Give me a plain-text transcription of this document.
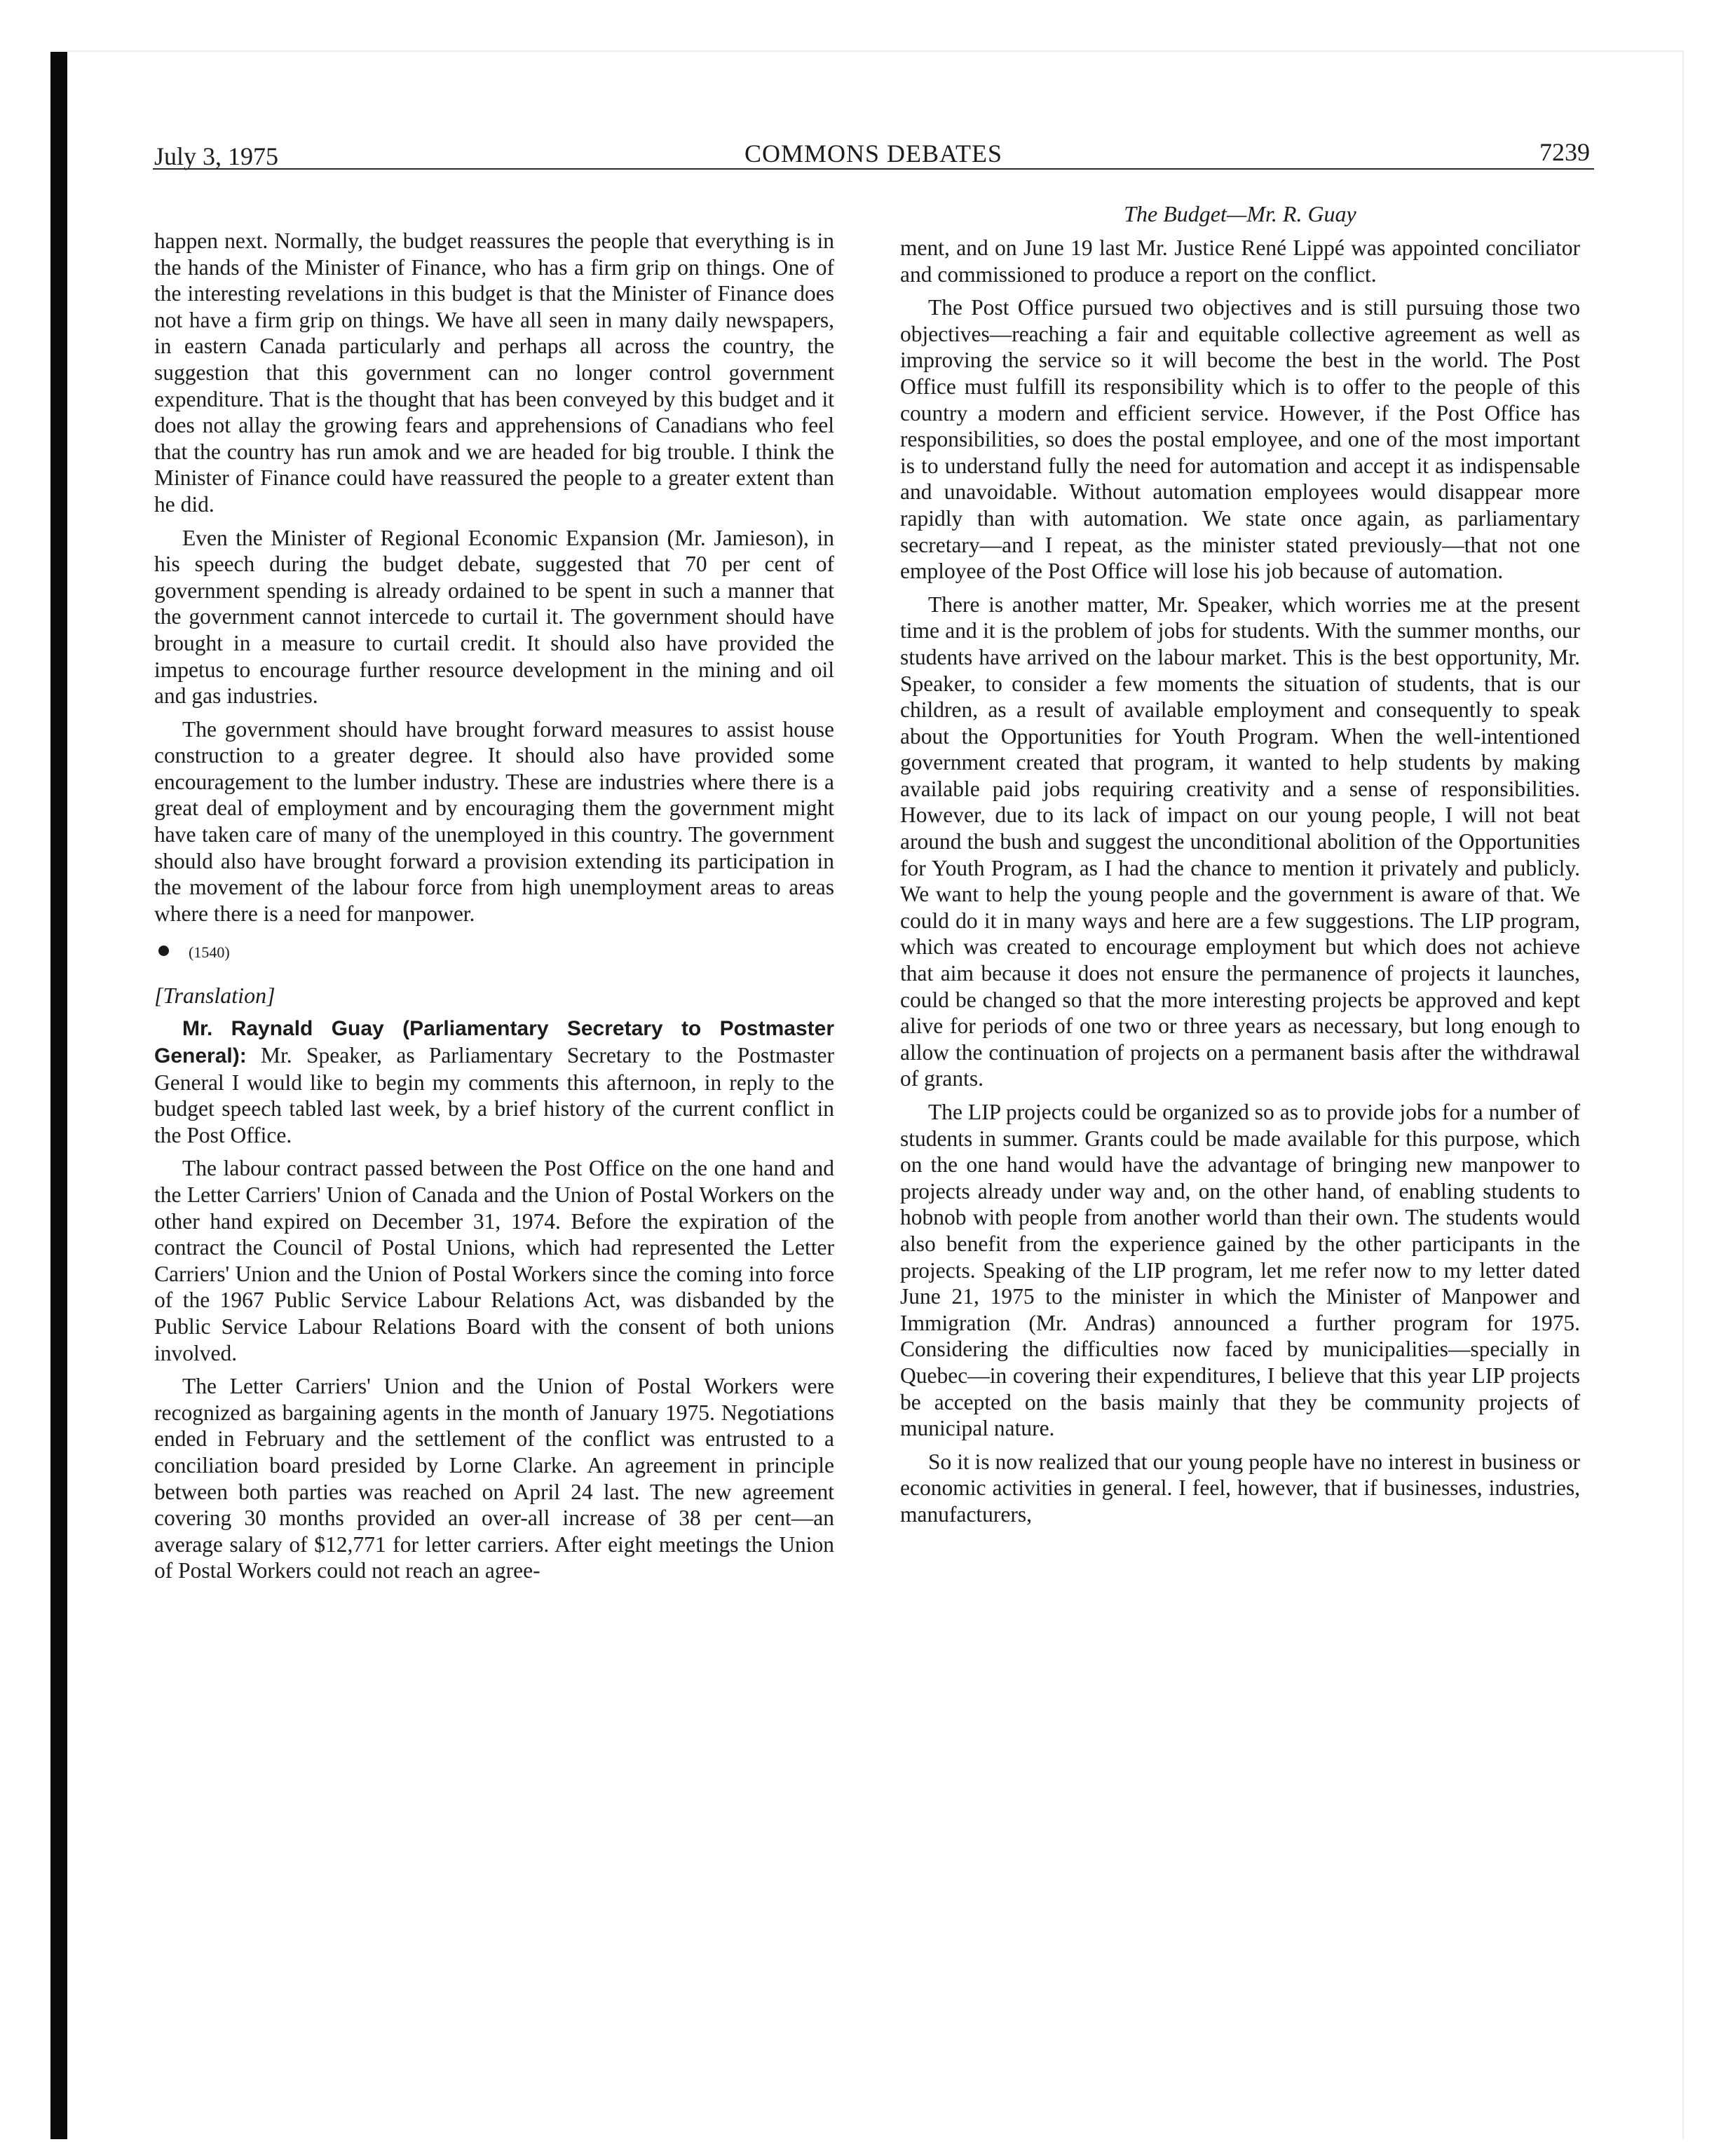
July 3, 1975	COMMONS DEBATES	7239

happen next. Normally, the budget reassures the people that everything is in the hands of the Minister of Finance, who has a firm grip on things. One of the interesting revelations in this budget is that the Minister of Finance does not have a firm grip on things. We have all seen in many daily newspapers, in eastern Canada particularly and perhaps all across the country, the suggestion that this government can no longer control government expenditure. That is the thought that has been conveyed by this budget and it does not allay the growing fears and apprehensions of Canadians who feel that the country has run amok and we are headed for big trouble. I think the Minister of Finance could have reassured the people to a greater extent than he did.

Even the Minister of Regional Economic Expansion (Mr. Jamieson), in his speech during the budget debate, suggested that 70 per cent of government spending is already ordained to be spent in such a manner that the government cannot intercede to curtail it. The government should have brought in a measure to curtail credit. It should also have provided the impetus to encourage further resource development in the mining and oil and gas industries.

The government should have brought forward measures to assist house construction to a greater degree. It should also have provided some encouragement to the lumber industry. These are industries where there is a great deal of employment and by encouraging them the government might have taken care of many of the unemployed in this country. The government should also have brought forward a provision extending its participation in the movement of the labour force from high unemployment areas to areas where there is a need for manpower.

(1540)
[Translation]

Mr. Raynald Guay (Parliamentary Secretary to Postmaster General): Mr. Speaker, as Parliamentary Secretary to the Postmaster General I would like to begin my comments this afternoon, in reply to the budget speech tabled last week, by a brief history of the current conflict in the Post Office.

The labour contract passed between the Post Office on the one hand and the Letter Carriers' Union of Canada and the Union of Postal Workers on the other hand expired on December 31, 1974. Before the expiration of the contract the Council of Postal Unions, which had represented the Letter Carriers' Union and the Union of Postal Workers since the coming into force of the 1967 Public Service Labour Relations Act, was disbanded by the Public Service Labour Relations Board with the consent of both unions involved.

The Letter Carriers' Union and the Union of Postal Workers were recognized as bargaining agents in the month of January 1975. Negotiations ended in February and the settlement of the conflict was entrusted to a conciliation board presided by Lorne Clarke. An agreement in principle between both parties was reached on April 24 last. The new agreement covering 30 months provided an over-all increase of 38 per cent—an average salary of $12,771 for letter carriers. After eight meetings the Union of Postal Workers could not reach an agree-

The Budget—Mr. R. Guay

ment, and on June 19 last Mr. Justice René Lippé was appointed conciliator and commissioned to produce a report on the conflict.

The Post Office pursued two objectives and is still pursuing those two objectives—reaching a fair and equitable collective agreement as well as improving the service so it will become the best in the world. The Post Office must fulfill its responsibility which is to offer to the people of this country a modern and efficient service. However, if the Post Office has responsibilities, so does the postal employee, and one of the most important is to understand fully the need for automation and accept it as indispensable and unavoidable. Without automation employees would disappear more rapidly than with automation. We state once again, as parliamentary secretary—and I repeat, as the minister stated previously—that not one employee of the Post Office will lose his job because of automation.

There is another matter, Mr. Speaker, which worries me at the present time and it is the problem of jobs for students. With the summer months, our students have arrived on the labour market. This is the best opportunity, Mr. Speaker, to consider a few moments the situation of students, that is our children, as a result of available employment and consequently to speak about the Opportunities for Youth Program. When the well-intentioned government created that program, it wanted to help students by making available paid jobs requiring creativity and a sense of responsibilities. However, due to its lack of impact on our young people, I will not beat around the bush and suggest the unconditional abolition of the Opportunities for Youth Program, as I had the chance to mention it privately and publicly. We want to help the young people and the government is aware of that. We could do it in many ways and here are a few suggestions. The LIP program, which was created to encourage employment but which does not achieve that aim because it does not ensure the permanence of projects it launches, could be changed so that the more interesting projects be approved and kept alive for periods of one two or three years as necessary, but long enough to allow the continuation of projects on a permanent basis after the withdrawal of grants.

The LIP projects could be organized so as to provide jobs for a number of students in summer. Grants could be made available for this purpose, which on the one hand would have the advantage of bringing new manpower to projects already under way and, on the other hand, of enabling students to hobnob with people from another world than their own. The students would also benefit from the experience gained by the other participants in the projects. Speaking of the LIP program, let me refer now to my letter dated June 21, 1975 to the minister in which the Minister of Manpower and Immigration (Mr. Andras) announced a further program for 1975. Considering the difficulties now faced by municipalities—specially in Quebec—in covering their expenditures, I believe that this year LIP projects be accepted on the basis mainly that they be community projects of municipal nature.

So it is now realized that our young people have no interest in business or economic activities in general. I feel, however, that if businesses, industries, manufacturers,
